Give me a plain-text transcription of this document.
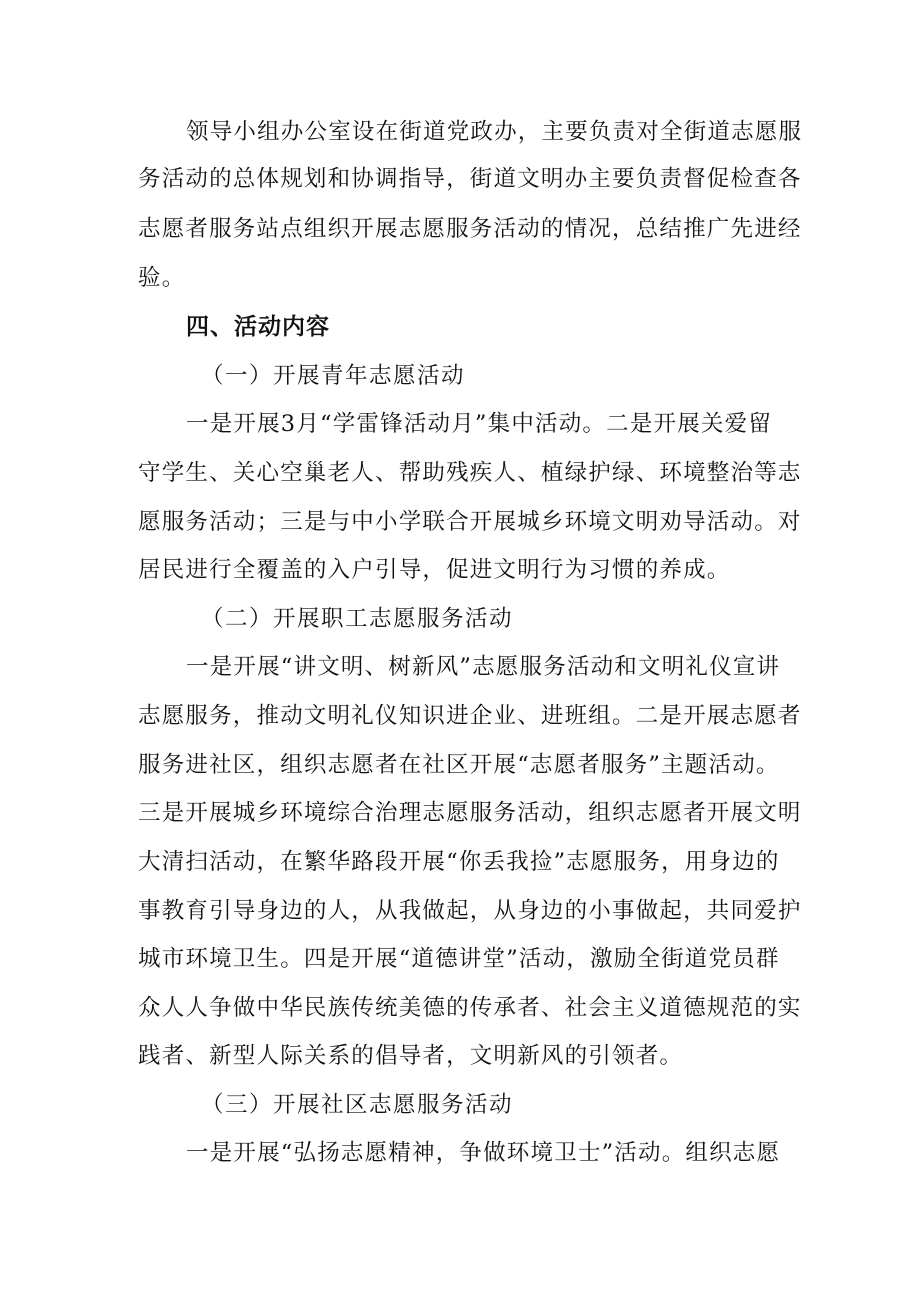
领导小组办公室设在街道党政办，主要负责对全街道志愿服
务活动的总体规划和协调指导，街道文明办主要负责督促检查各
志愿者服务站点组织开展志愿服务活动的情况，总结推广先进经
验。
四、活动内容
（一）开展青年志愿活动
一是开展3月“学雷锋活动月”集中活动。二是开展关爱留
守学生、关心空巢老人、帮助残疾人、植绿护绿、环境整治等志
愿服务活动；三是与中小学联合开展城乡环境文明劝导活动。对
居民进行全覆盖的入户引导，促进文明行为习惯的养成。
（二）开展职工志愿服务活动
一是开展“讲文明、树新风”志愿服务活动和文明礼仪宣讲
志愿服务，推动文明礼仪知识进企业、进班组。二是开展志愿者
服务进社区，组织志愿者在社区开展“志愿者服务”主题活动。
三是开展城乡环境综合治理志愿服务活动，组织志愿者开展文明
大清扫活动，在繁华路段开展“你丢我捡”志愿服务，用身边的
事教育引导身边的人，从我做起，从身边的小事做起，共同爱护
城市环境卫生。四是开展“道德讲堂”活动，激励全街道党员群
众人人争做中华民族传统美德的传承者、社会主义道德规范的实
践者、新型人际关系的倡导者，文明新风的引领者。
（三）开展社区志愿服务活动
一是开展“弘扬志愿精神，争做环境卫士”活动。组织志愿
